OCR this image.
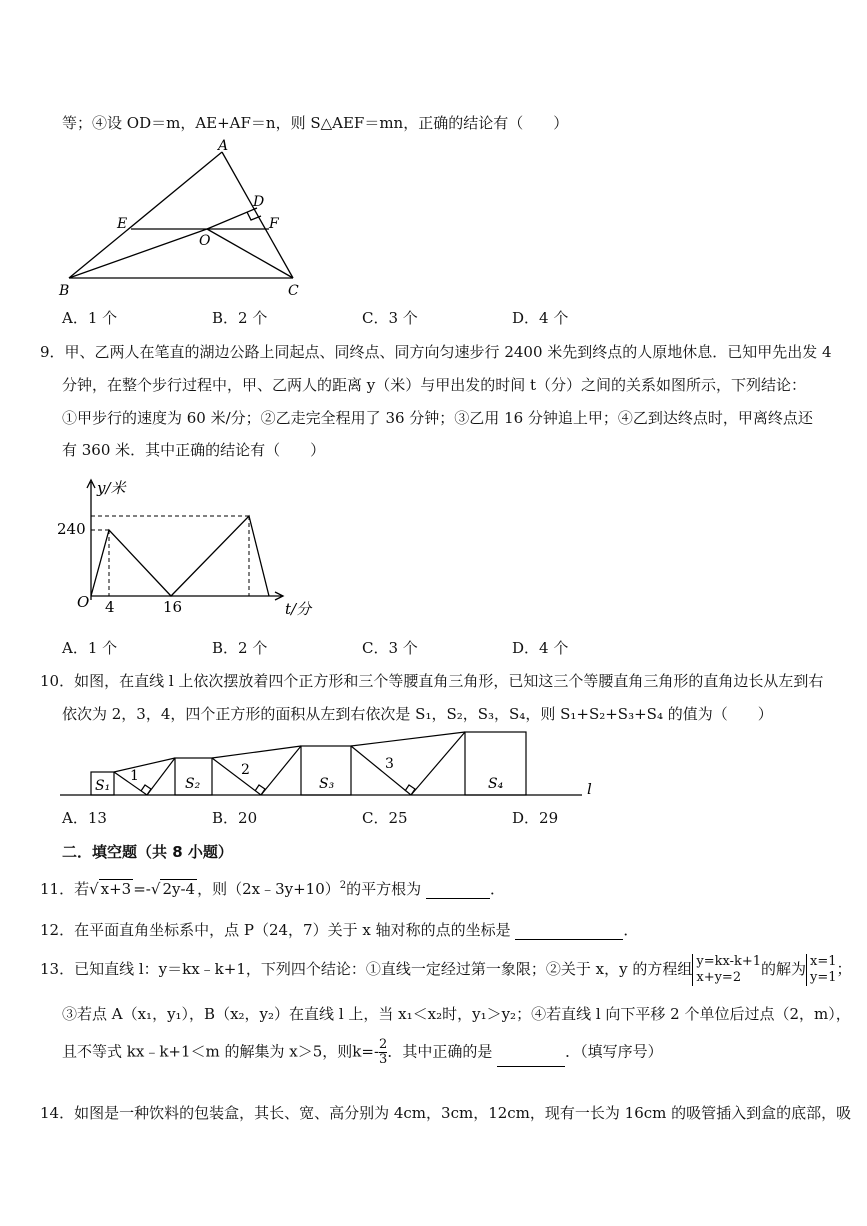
等；④设 OD＝m，AE+AF＝n，则 S△AEF＝mn，正确的结论有（　　）
A
D
E	F
O
B	C
A．1 个	B．2 个	C．3 个	D．4 个
9．甲、乙两人在笔直的湖边公路上同起点、同终点、同方向匀速步行 2400 米先到终点的人原地休息．已知甲先出发 4
分钟，在整个步行过程中，甲、乙两人的距离 y（米）与甲出发的时间 t（分）之间的关系如图所示，下列结论：
①甲步行的速度为 60 米/分；②乙走完全程用了 36 分钟；③乙用 16 分钟追上甲；④乙到达终点时，甲离终点还
有 360 米．其中正确的结论有（　　）
y/米
240
O 4	16	t/分
A．1 个	B．2 个	C．3 个	D．4 个
10．如图，在直线 l 上依次摆放着四个正方形和三个等腰直角三角形，已知这三个等腰直角三角形的直角边长从左到右
依次为 2，3，4，四个正方形的面积从左到右依次是 S₁，S₂，S₃，S₄，则 S₁+S₂+S₃+S₄ 的值为（　　）
S₁	S₂	S₃	S₄
1	2	3
l
A．13	B．20	C．25	D．29
二．填空题（共 8 小题）
11．若√ x+3 =-√ 2y-4 ，则（2x﹣3y+10）$^2$的平方根为	．
12．在平面直角坐标系中，点 P（24，7）关于 x 轴对称的点的坐标是	．
13．已知直线 l：y＝kx﹣k+1，下列四个结论：①直线一定经过第一象限；②关于 x，y 的方程组 y=kx-k+1
x+y=2 的解为 x=1
y=1；
③若点 A（x₁，y₁），B（x₂，y₂）在直线 l 上，当 x₁＜x₂时，y₁＞y₂；④若直线 l 向下平移 2 个单位后过点（2，m），
且不等式 kx﹣k+1＜m 的解集为 x＞5，则$k=- \frac{2}{3}$ ．其中正确的是	．（填写序号）
14．如图是一种饮料的包装盒，其长、宽、高分别为 4cm，3cm，12cm，现有一长为 16cm 的吸管插入到盒的底部，吸
